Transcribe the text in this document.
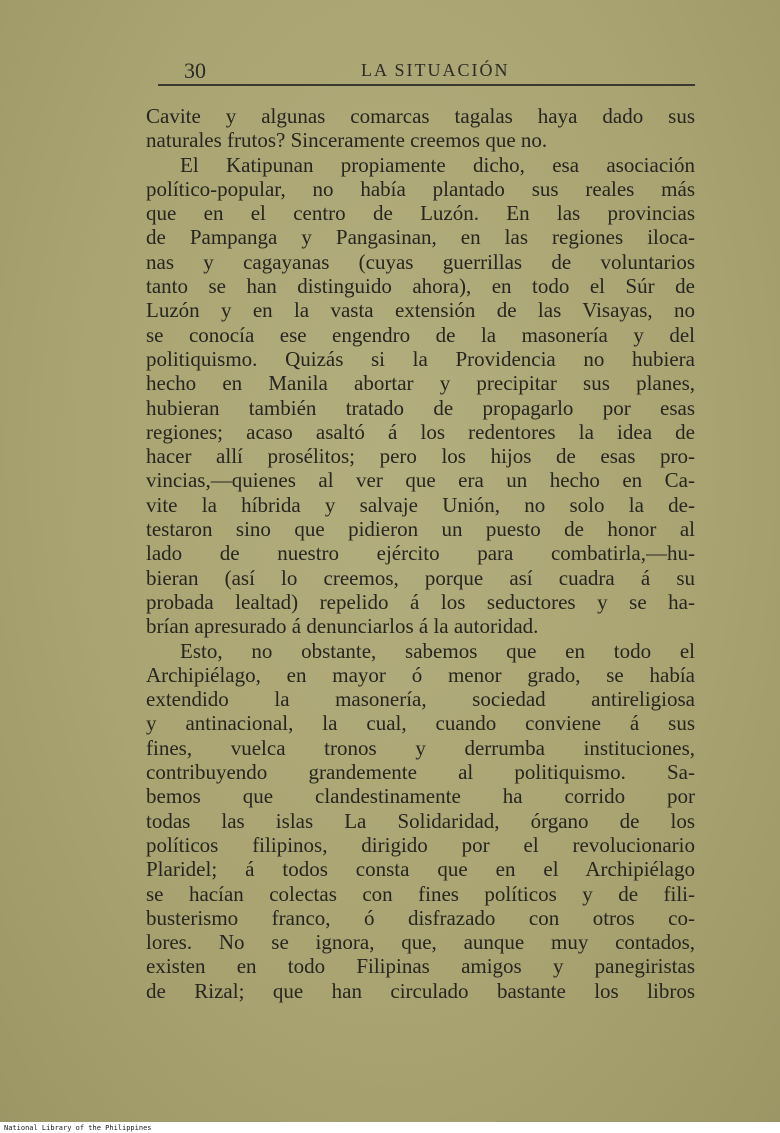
30	LA SITUACIÓN
Cavite y algunas comarcas tagalas haya dado sus
naturales frutos? Sinceramente creemos que no.
El Katipunan propiamente dicho, esa asociación
político-popular, no había plantado sus reales más
que en el centro de Luzón. En las provincias
de Pampanga y Pangasinan, en las regiones iloca-
nas y cagayanas (cuyas guerrillas de voluntarios
tanto se han distinguido ahora), en todo el Súr de
Luzón y en la vasta extensión de las Visayas, no
se conocía ese engendro de la masonería y del
politiquismo. Quizás si la Providencia no hubiera
hecho en Manila abortar y precipitar sus planes,
hubieran también tratado de propagarlo por esas
regiones; acaso asaltó á los redentores la idea de
hacer allí prosélitos; pero los hijos de esas pro-
vincias,—quienes al ver que era un hecho en Ca-
vite la híbrida y salvaje Unión, no solo la de-
testaron sino que pidieron un puesto de honor al
lado de nuestro ejército para combatirla,—hu-
bieran (así lo creemos, porque así cuadra á su
probada lealtad) repelido á los seductores y se ha-
brían apresurado á denunciarlos á la autoridad.
Esto, no obstante, sabemos que en todo el
Archipiélago, en mayor ó menor grado, se había
extendido la masonería, sociedad antireligiosa
y antinacional, la cual, cuando conviene á sus
fines, vuelca tronos y derrumba instituciones,
contribuyendo grandemente al politiquismo. Sa-
bemos que clandestinamente ha corrido por
todas las islas La Solidaridad, órgano de los
políticos filipinos, dirigido por el revolucionario
Plaridel; á todos consta que en el Archipiélago
se hacían colectas con fines políticos y de fili-
busterismo franco, ó disfrazado con otros co-
lores. No se ignora, que, aunque muy contados,
existen en todo Filipinas amigos y panegiristas
de Rizal; que han circulado bastante los libros
National Library of the Philippines
